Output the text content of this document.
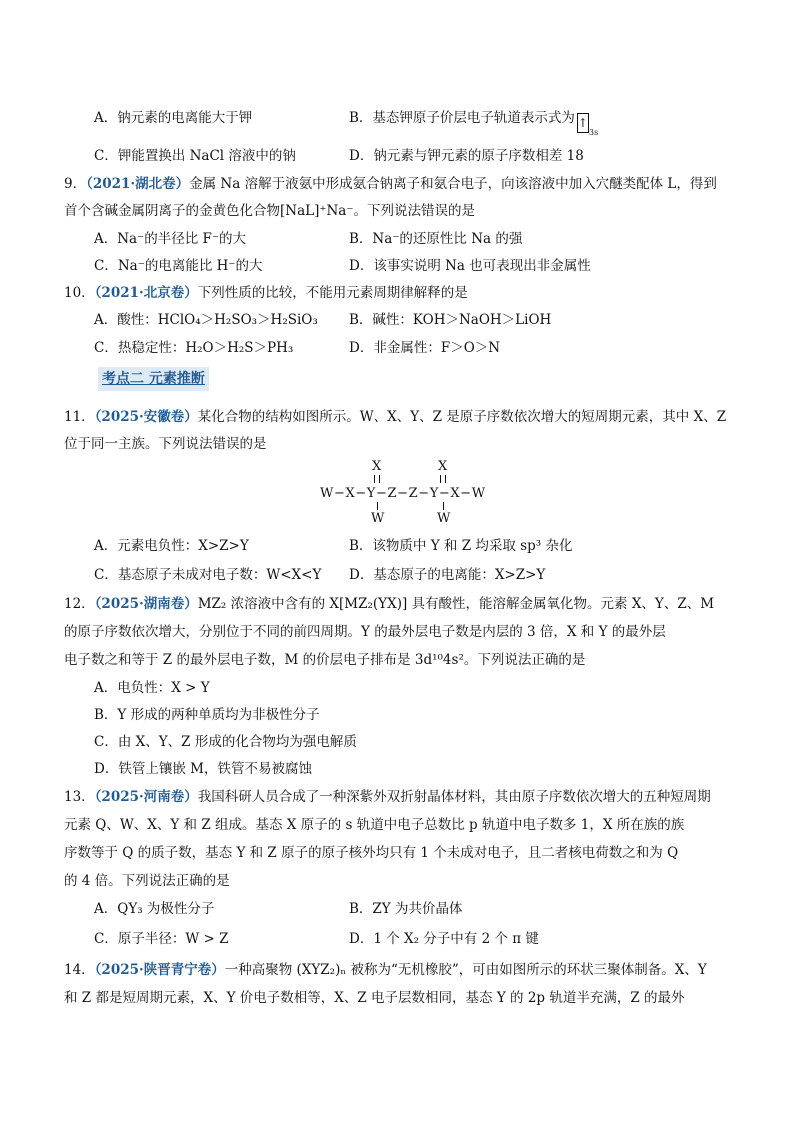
A．钠元素的电离能大于钾	B．基态钾原子价层电子轨道表示式为 ↑
3s
C．钾能置换出 NaCl 溶液中的钠	D．钠元素与钾元素的原子序数相差 18
9．（2021·湖北卷）金属 Na 溶解于液氨中形成氨合钠离子和氨合电子，向该溶液中加入穴醚类配体 L，得到
首个含碱金属阴离子的金黄色化合物[NaL]⁺Na⁻。下列说法错误的是
A．Na⁻的半径比 F⁻的大	B．Na⁻的还原性比 Na 的强
C．Na⁻的电离能比 H⁻的大	D．该事实说明 Na 也可表现出非金属性
10．（2021·北京卷）下列性质的比较，不能用元素周期律解释的是
A．酸性：HClO₄＞H₂SO₃＞H₂SiO₃ B．碱性：KOH＞NaOH＞LiOH
C．热稳定性：H₂O＞H₂S＞PH₃	D．非金属性：F＞O＞N
考点二 元素推断
11．（2025·安徽卷）某化合物的结构如图所示。W、X、Y、Z 是原子序数依次增大的短周期元素，其中 X、Z
位于同一主族。下列说法错误的是
X	X
W−X−Y−Z−Z−Y−X−W
W	W
A．元素电负性：X>Z>Y	B．该物质中 Y 和 Z 均采取 sp³ 杂化
C．基态原子未成对电子数：W<X<Y D．基态原子的电离能：X>Z>Y
12．（2025·湖南卷）MZ₂ 浓溶液中含有的 X[MZ₂(YX)] 具有酸性，能溶解金属氧化物。元素 X、Y、Z、M
的原子序数依次增大，分别位于不同的前四周期。Y 的最外层电子数是内层的 3 倍，X 和 Y 的最外层
电子数之和等于 Z 的最外层电子数，M 的价层电子排布是 3d¹⁰4s²。下列说法正确的是
A．电负性：X > Y
B．Y 形成的两种单质均为非极性分子
C．由 X、Y、Z 形成的化合物均为强电解质
D．铁管上镶嵌 M，铁管不易被腐蚀
13．（2025·河南卷）我国科研人员合成了一种深紫外双折射晶体材料，其由原子序数依次增大的五种短周期
元素 Q、W、X、Y 和 Z 组成。基态 X 原子的 s 轨道中电子总数比 p 轨道中电子数多 1，X 所在族的族
序数等于 Q 的质子数，基态 Y 和 Z 原子的原子核外均只有 1 个未成对电子，且二者核电荷数之和为 Q
的 4 倍。下列说法正确的是
A．QY₃ 为极性分子	B．ZY 为共价晶体
C．原子半径：W > Z	D．1 个 X₂ 分子中有 2 个 π 键
14．（2025·陕晋青宁卷）一种高聚物 (XYZ₂)ₙ 被称为“无机橡胶”，可由如图所示的环状三聚体制备。X、Y
和 Z 都是短周期元素，X、Y 价电子数相等，X、Z 电子层数相同，基态 Y 的 2p 轨道半充满，Z 的最外
